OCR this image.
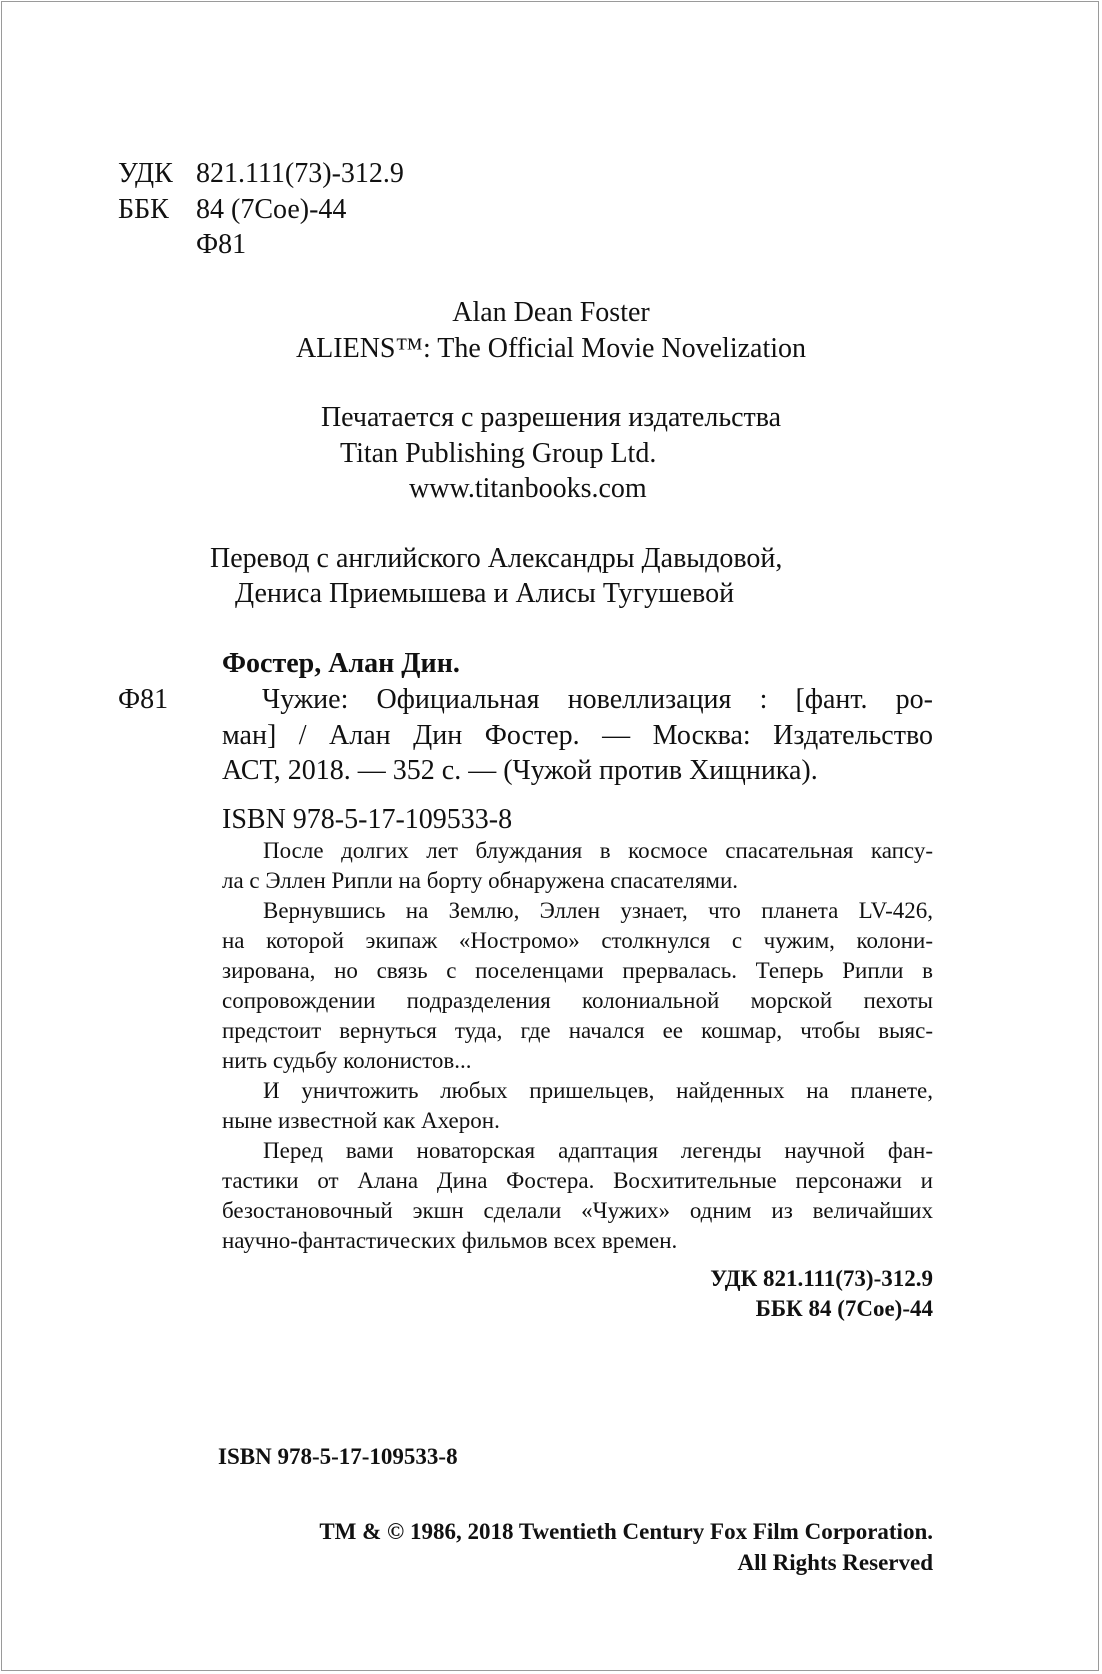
УДК 821.111(73)-312.9
ББК 84 (7Сое)-44
Ф81
Alan Dean Foster
ALIENS™: The Official Movie Novelization
Печатается с разрешения издательства
Titan Publishing Group Ltd.
www.titanbooks.com
Перевод с английского Александры Давыдовой,
Дениса Приемышева и Алисы Тугушевой
Фостер, Алан Дин.
Ф81	Чужие: Официальная новеллизация : [фант. ро-
ман] / Алан Дин Фостер. — Москва: Издательство
АСТ, 2018. — 352 с. — (Чужой против Хищника).
ISBN 978-5-17-109533-8
После долгих лет блуждания в космосе спасательная капсу-
ла с Эллен Рипли на борту обнаружена спасателями.
Вернувшись на Землю, Эллен узнает, что планета LV-426,
на которой экипаж «Ностромо» столкнулся с чужим, колони-
зирована, но связь с поселенцами прервалась. Теперь Рипли в
сопровождении подразделения колониальной морской пехоты
предстоит вернуться туда, где начался ее кошмар, чтобы выяс-
нить судьбу колонистов...
И уничтожить любых пришельцев, найденных на планете,
ныне известной как Ахерон.
Перед вами новаторская адаптация легенды научной фан-
тастики от Алана Дина Фостера. Восхитительные персонажи и
безостановочный экшн сделали «Чужих» одним из величайших
научно-фантастических фильмов всех времен.
УДК 821.111(73)-312.9
ББК 84 (7Сое)-44
ISBN 978-5-17-109533-8
TM & © 1986, 2018 Twentieth Century Fox Film Corporation.
All Rights Reserved
